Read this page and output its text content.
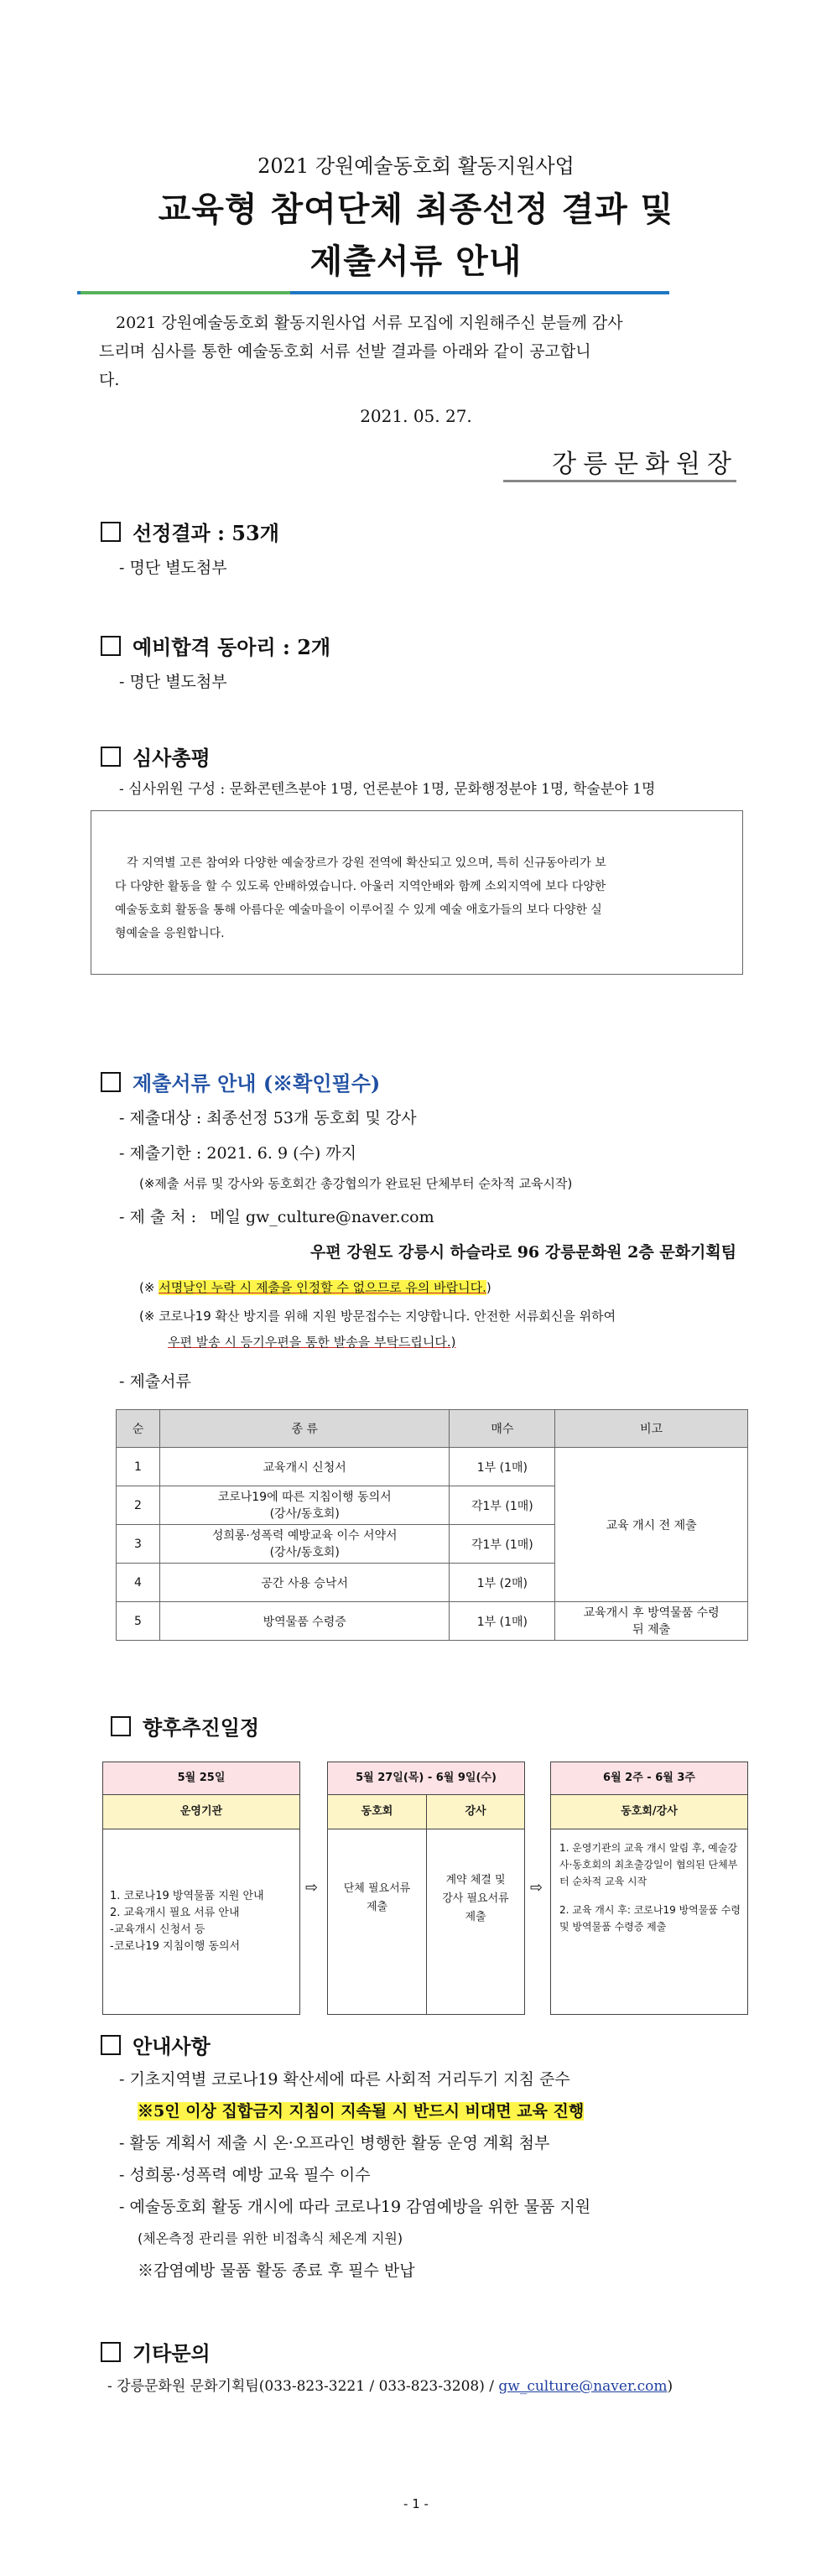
2021 강원예술동호회 활동지원사업
교육형 참여단체 최종선정 결과 및
제출서류 안내
2021 강원예술동호회 활동지원사업 서류 모집에 지원해주신 분들께 감사
드리며 심사를 통한 예술동호회 서류 선발 결과를 아래와 같이 공고합니
다.
2021. 05. 27.
강릉문화원장
선정결과 : 53개
- 명단 별도첨부
예비합격 동아리 : 2개
- 명단 별도첨부
심사총평
- 심사위원 구성 : 문화콘텐츠분야 1명, 언론분야 1명, 문화행정분야 1명, 학술분야 1명
각 지역별 고른 참여와 다양한 예술장르가 강원 전역에 확산되고 있으며, 특히 신규동아리가 보
다 다양한 활동을 할 수 있도록 안배하였습니다. 아울러 지역안배와 함께 소외지역에 보다 다양한
예술동호회 활동을 통해 아름다운 예술마을이 이루어질 수 있게 예술 애호가들의 보다 다양한 실
형예술을 응원합니다.
제출서류 안내 (※확인필수)
- 제출대상 : 최종선정 53개 동호회 및 강사
- 제출기한 : 2021. 6. 9 (수) 까지
(※제출 서류 및 강사와 동호회간 총강협의가 완료된 단체부터 순차적 교육시작)
- 제 출 처 : 메일 gw_culture@naver.com
우편 강원도 강릉시 하슬라로 96 강릉문화원 2층 문화기획팀
(※ 서명날인 누락 시 제출을 인정할 수 없으므로 유의 바랍니다.)
(※ 코로나19 확산 방지를 위해 지원 방문접수는 지양합니다. 안전한 서류회신을 위하여
우편 발송 시 등기우편을 통한 발송을 부탁드립니다.)
- 제출서류
순	종 류	매수	비고
1	교육개시 신청서	1부 (1매)	교육 개시 전 제출
2	코로나19에 따른 지침이행 동의서
(강사/동호회)	각1부 (1매)	
3	성희롱·성폭력 예방교육 이수 서약서
(강사/동호회)	각1부 (1매)	
4	공간 사용 승낙서	1부 (2매)	
5	방역물품 수령증	1부 (1매)	교육개시 후 방역물품 수령
뒤 제출
향후추진일정
5월 25일
운영기관
1. 코로나19 방역물품 지원 안내
2. 교육개시 필요 서류 안내
-교육개시 신청서 등
-코로나19 지침이행 동의서
⇨
5월 27일(목) - 6월 9일(수)
동호회
단체 필요서류
제출
강사
계약 체결 및
강사 필요서류
제출
⇨
6월 2주 - 6월 3주
동호회/강사
1. 운영기관의 교육 개시 알림 후, 예술강사·동호회의 최초출강일이 협의된 단체부터 순차적 교육 시작
2. 교육 개시 후: 코로나19 방역물품 수령 및 방역물품 수령증 제출
안내사항
- 기초지역별 코로나19 확산세에 따른 사회적 거리두기 지침 준수
※5인 이상 집합금지 지침이 지속될 시 반드시 비대면 교육 진행
- 활동 계획서 제출 시 온·오프라인 병행한 활동 운영 계획 첨부
- 성희롱·성폭력 예방 교육 필수 이수
- 예술동호회 활동 개시에 따라 코로나19 감염예방을 위한 물품 지원
(체온측정 관리를 위한 비접촉식 체온계 지원)
※감염예방 물품 활동 종료 후 필수 반납
기타문의
- 강릉문화원 문화기획팀(033-823-3221 / 033-823-3208) / gw_culture@naver.com)
- 1 -
